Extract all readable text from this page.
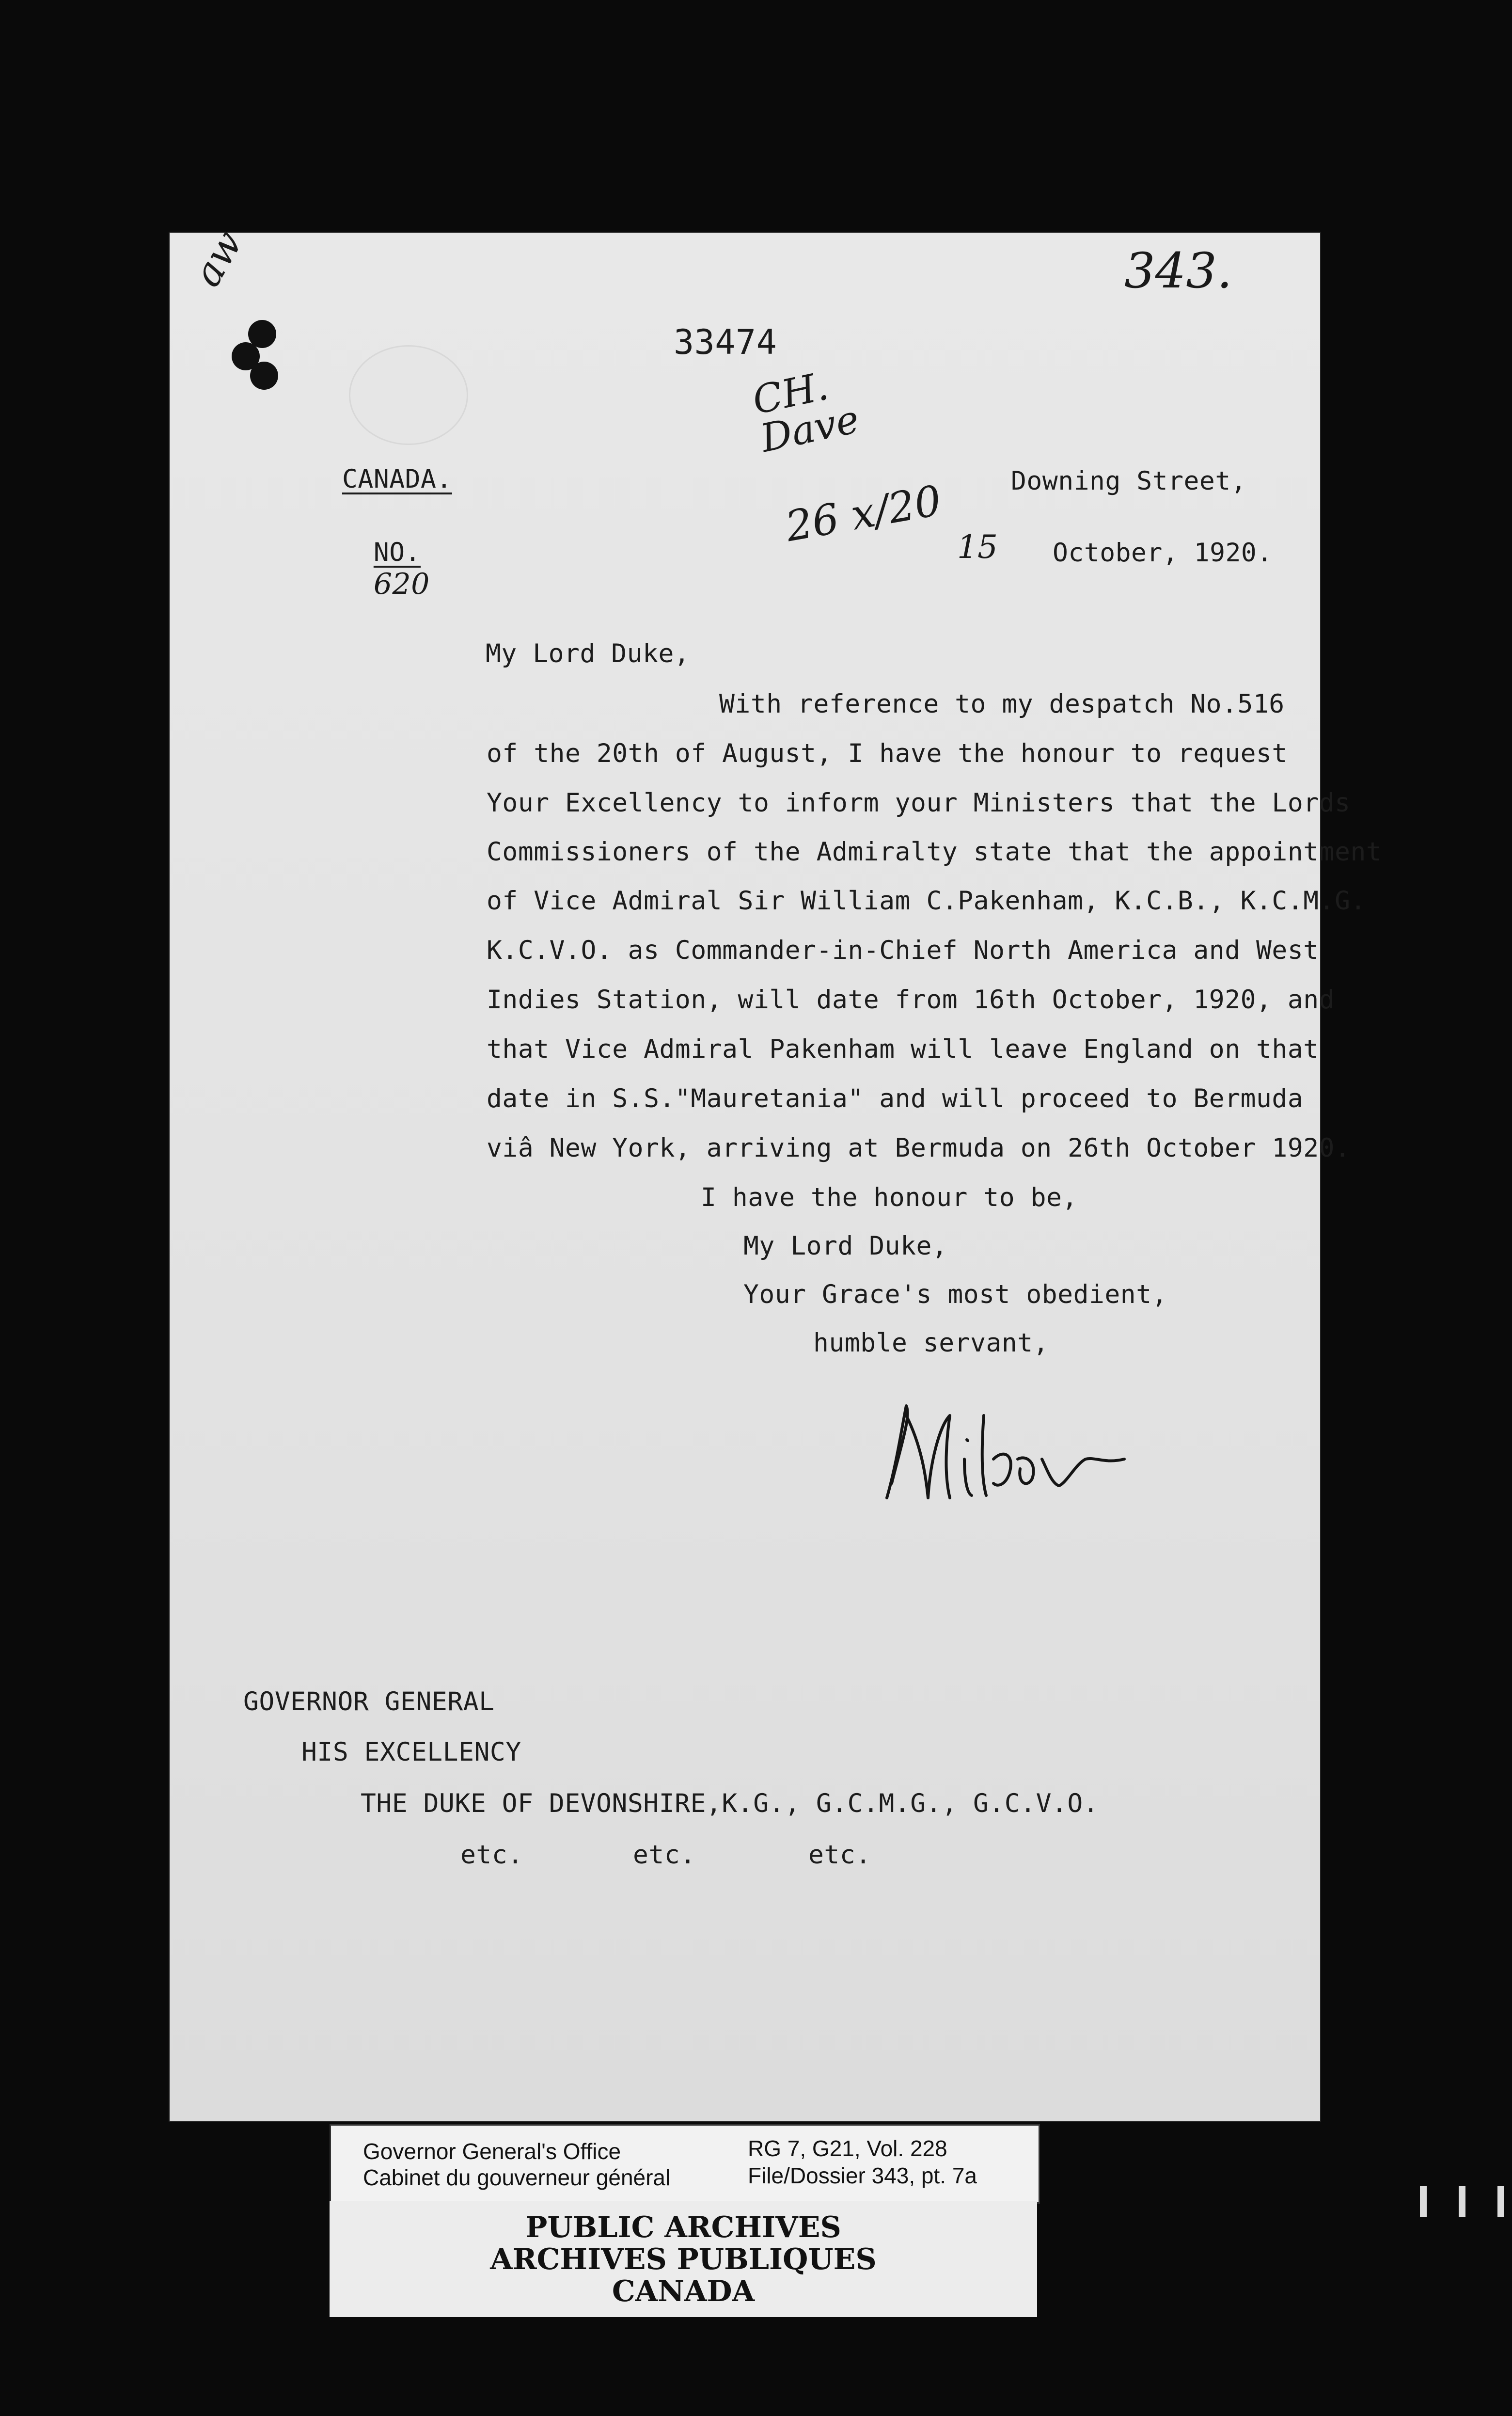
aw	343.
33474
CH. Dave
26 x/20
CANADA.

NO.
620

Downing Street,
15 October, 1920.
My Lord Duke,
With reference to my despatch No.516
of the 20th of August, I have the honour to request
Your Excellency to inform your Ministers that the Lords
Commissioners of the Admiralty state that the appointment
of Vice Admiral Sir William C.Pakenham, K.C.B., K.C.M.G.
K.C.V.O. as Commander-in-Chief North America and West
Indies Station, will date from 16th October, 1920, and
that Vice Admiral Pakenham will leave England on that
date in S.S."Mauretania" and will proceed to Bermuda
viâ New York, arriving at Bermuda on 26th October 1920.
I have the honour to be,
My Lord Duke,
Your Grace's most obedient,
humble servant,
GOVERNOR GENERAL
HIS EXCELLENCY
THE DUKE OF DEVONSHIRE,K.G., G.C.M.G., G.C.V.O.
etc.	etc.	etc.
Governor General's Office
Cabinet du gouverneur général
RG 7, G21, Vol. 228
File/Dossier 343, pt. 7a
PUBLIC ARCHIVES
ARCHIVES PUBLIQUES
CANADA
